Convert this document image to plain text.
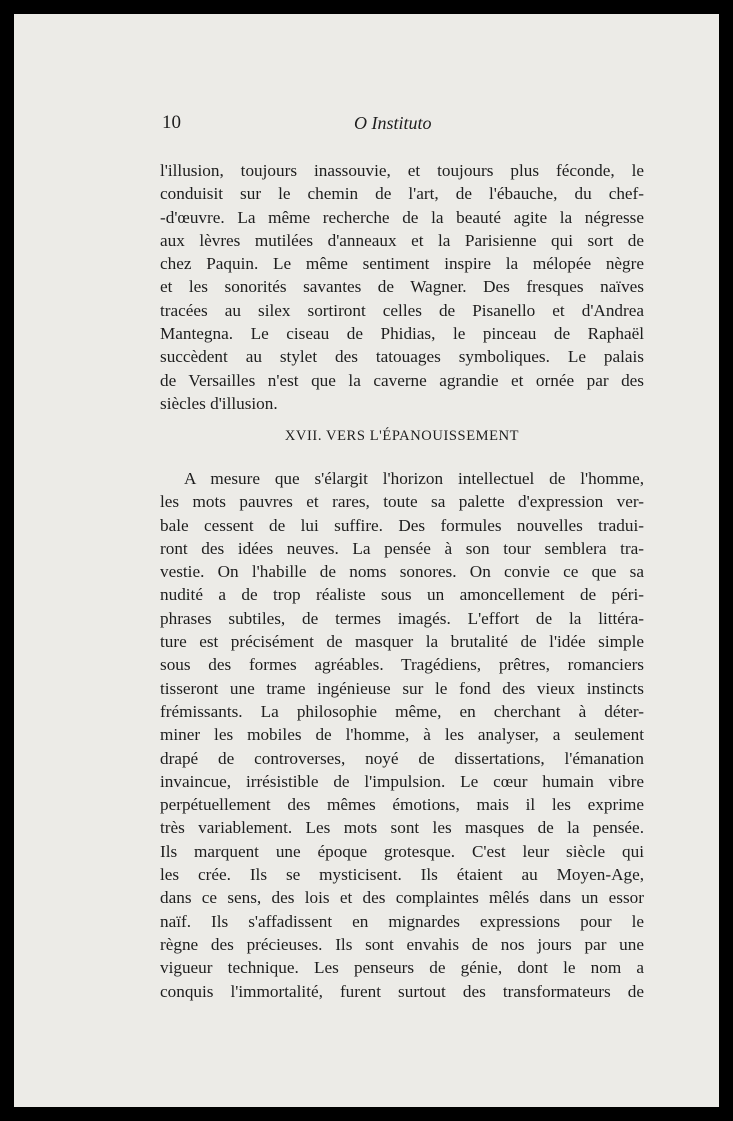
10	O Instituto
l'illusion, toujours inassouvie, et toujours plus féconde, le
conduisit sur le chemin de l'art, de l'ébauche, du chef-
-d'œuvre. La même recherche de la beauté agite la négresse
aux lèvres mutilées d'anneaux et la Parisienne qui sort de
chez Paquin. Le même sentiment inspire la mélopée nègre
et les sonorités savantes de Wagner. Des fresques naïves
tracées au silex sortiront celles de Pisanello et d'Andrea
Mantegna. Le ciseau de Phidias, le pinceau de Raphaël
succèdent au stylet des tatouages symboliques. Le palais
de Versailles n'est que la caverne agrandie et ornée par des
siècles d'illusion.
XVII. VERS L'ÉPANOUISSEMENT
A mesure que s'élargit l'horizon intellectuel de l'homme,
les mots pauvres et rares, toute sa palette d'expression ver-
bale cessent de lui suffire. Des formules nouvelles tradui-
ront des idées neuves. La pensée à son tour semblera tra-
vestie. On l'habille de noms sonores. On convie ce que sa
nudité a de trop réaliste sous un amoncellement de péri-
phrases subtiles, de termes imagés. L'effort de la littéra-
ture est précisément de masquer la brutalité de l'idée simple
sous des formes agréables. Tragédiens, prêtres, romanciers
tisseront une trame ingénieuse sur le fond des vieux instincts
frémissants. La philosophie même, en cherchant à déter-
miner les mobiles de l'homme, à les analyser, a seulement
drapé de controverses, noyé de dissertations, l'émanation
invaincue, irrésistible de l'impulsion. Le cœur humain vibre
perpétuellement des mêmes émotions, mais il les exprime
très variablement. Les mots sont les masques de la pensée.
Ils marquent une époque grotesque. C'est leur siècle qui
les crée. Ils se mysticisent. Ils étaient au Moyen-Age,
dans ce sens, des lois et des complaintes mêlés dans un essor
naïf. Ils s'affadissent en mignardes expressions pour le
règne des précieuses. Ils sont envahis de nos jours par une
vigueur technique. Les penseurs de génie, dont le nom a
conquis l'immortalité, furent surtout des transformateurs de
